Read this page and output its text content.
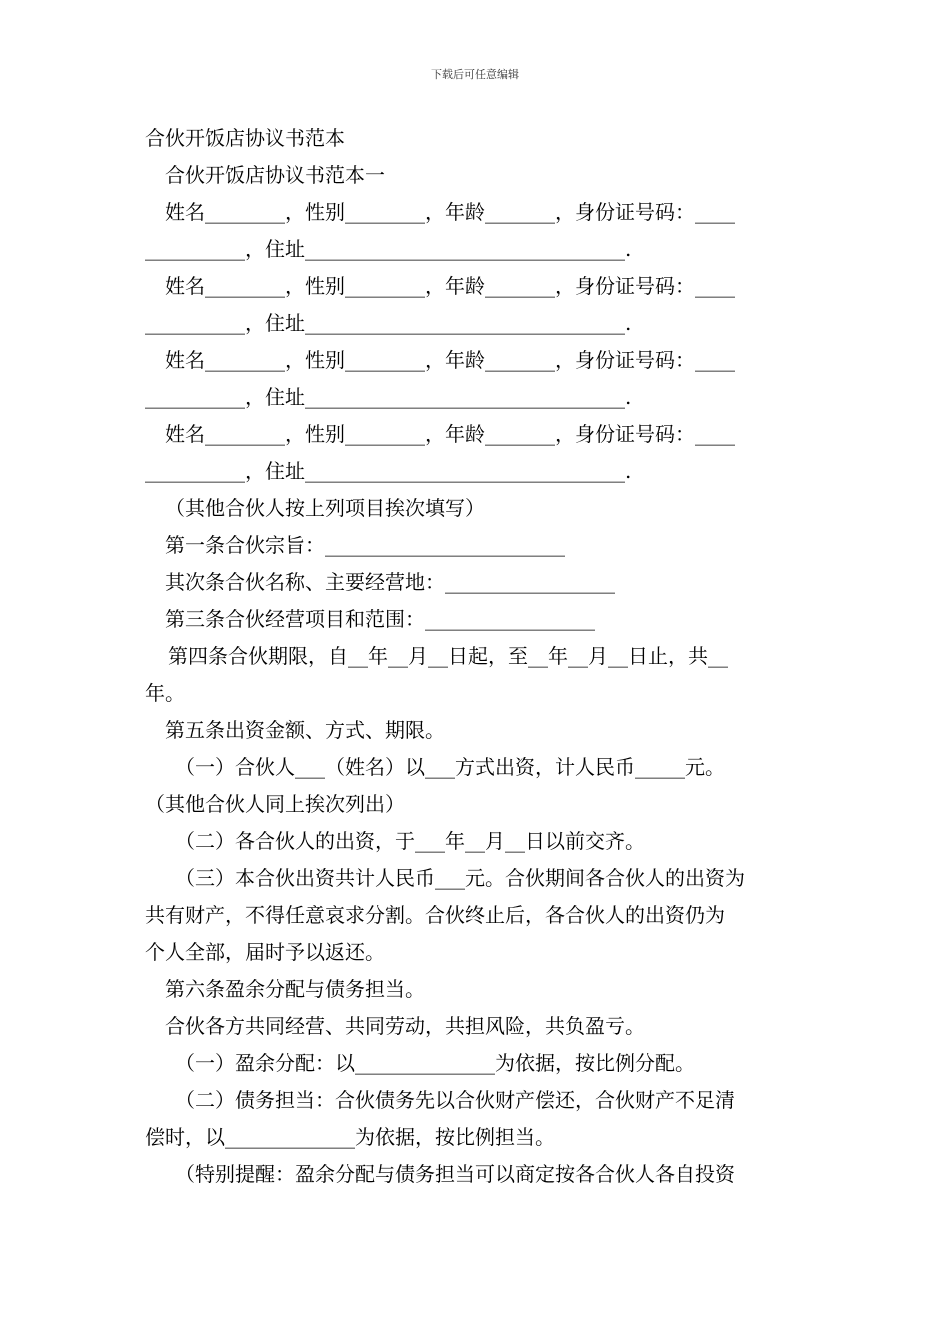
下载后可任意编辑
合伙开饭店协议书范本
合伙开饭店协议书范本一
姓名________，性别________，年龄_______，身份证号码：____
__________，住址________________________________.
姓名________，性别________，年龄_______，身份证号码：____
__________，住址________________________________.
姓名________，性别________，年龄_______，身份证号码：____
__________，住址________________________________.
姓名________，性别________，年龄_______，身份证号码：____
__________，住址________________________________.
（其他合伙人按上列项目挨次填写）
第一条合伙宗旨：________________________
其次条合伙名称、主要经营地：_________________
第三条合伙经营项目和范围：_________________
第四条合伙期限，自__年__月__日起，至__年__月__日止，共__
年。
第五条出资金额、方式、期限。
（一）合伙人___（姓名）以___方式出资，计人民币_____元。
（其他合伙人同上挨次列出）
（二）各合伙人的出资，于___年__月__日以前交齐。
（三）本合伙出资共计人民币___元。合伙期间各合伙人的出资为
共有财产，不得任意哀求分割。合伙终止后，各合伙人的出资仍为
个人全部，届时予以返还。
第六条盈余分配与债务担当。
合伙各方共同经营、共同劳动，共担风险，共负盈亏。
（一）盈余分配：以______________为依据，按比例分配。
（二）债务担当：合伙债务先以合伙财产偿还，合伙财产不足清
偿时，以_____________为依据，按比例担当。
（特别提醒：盈余分配与债务担当可以商定按各合伙人各自投资
